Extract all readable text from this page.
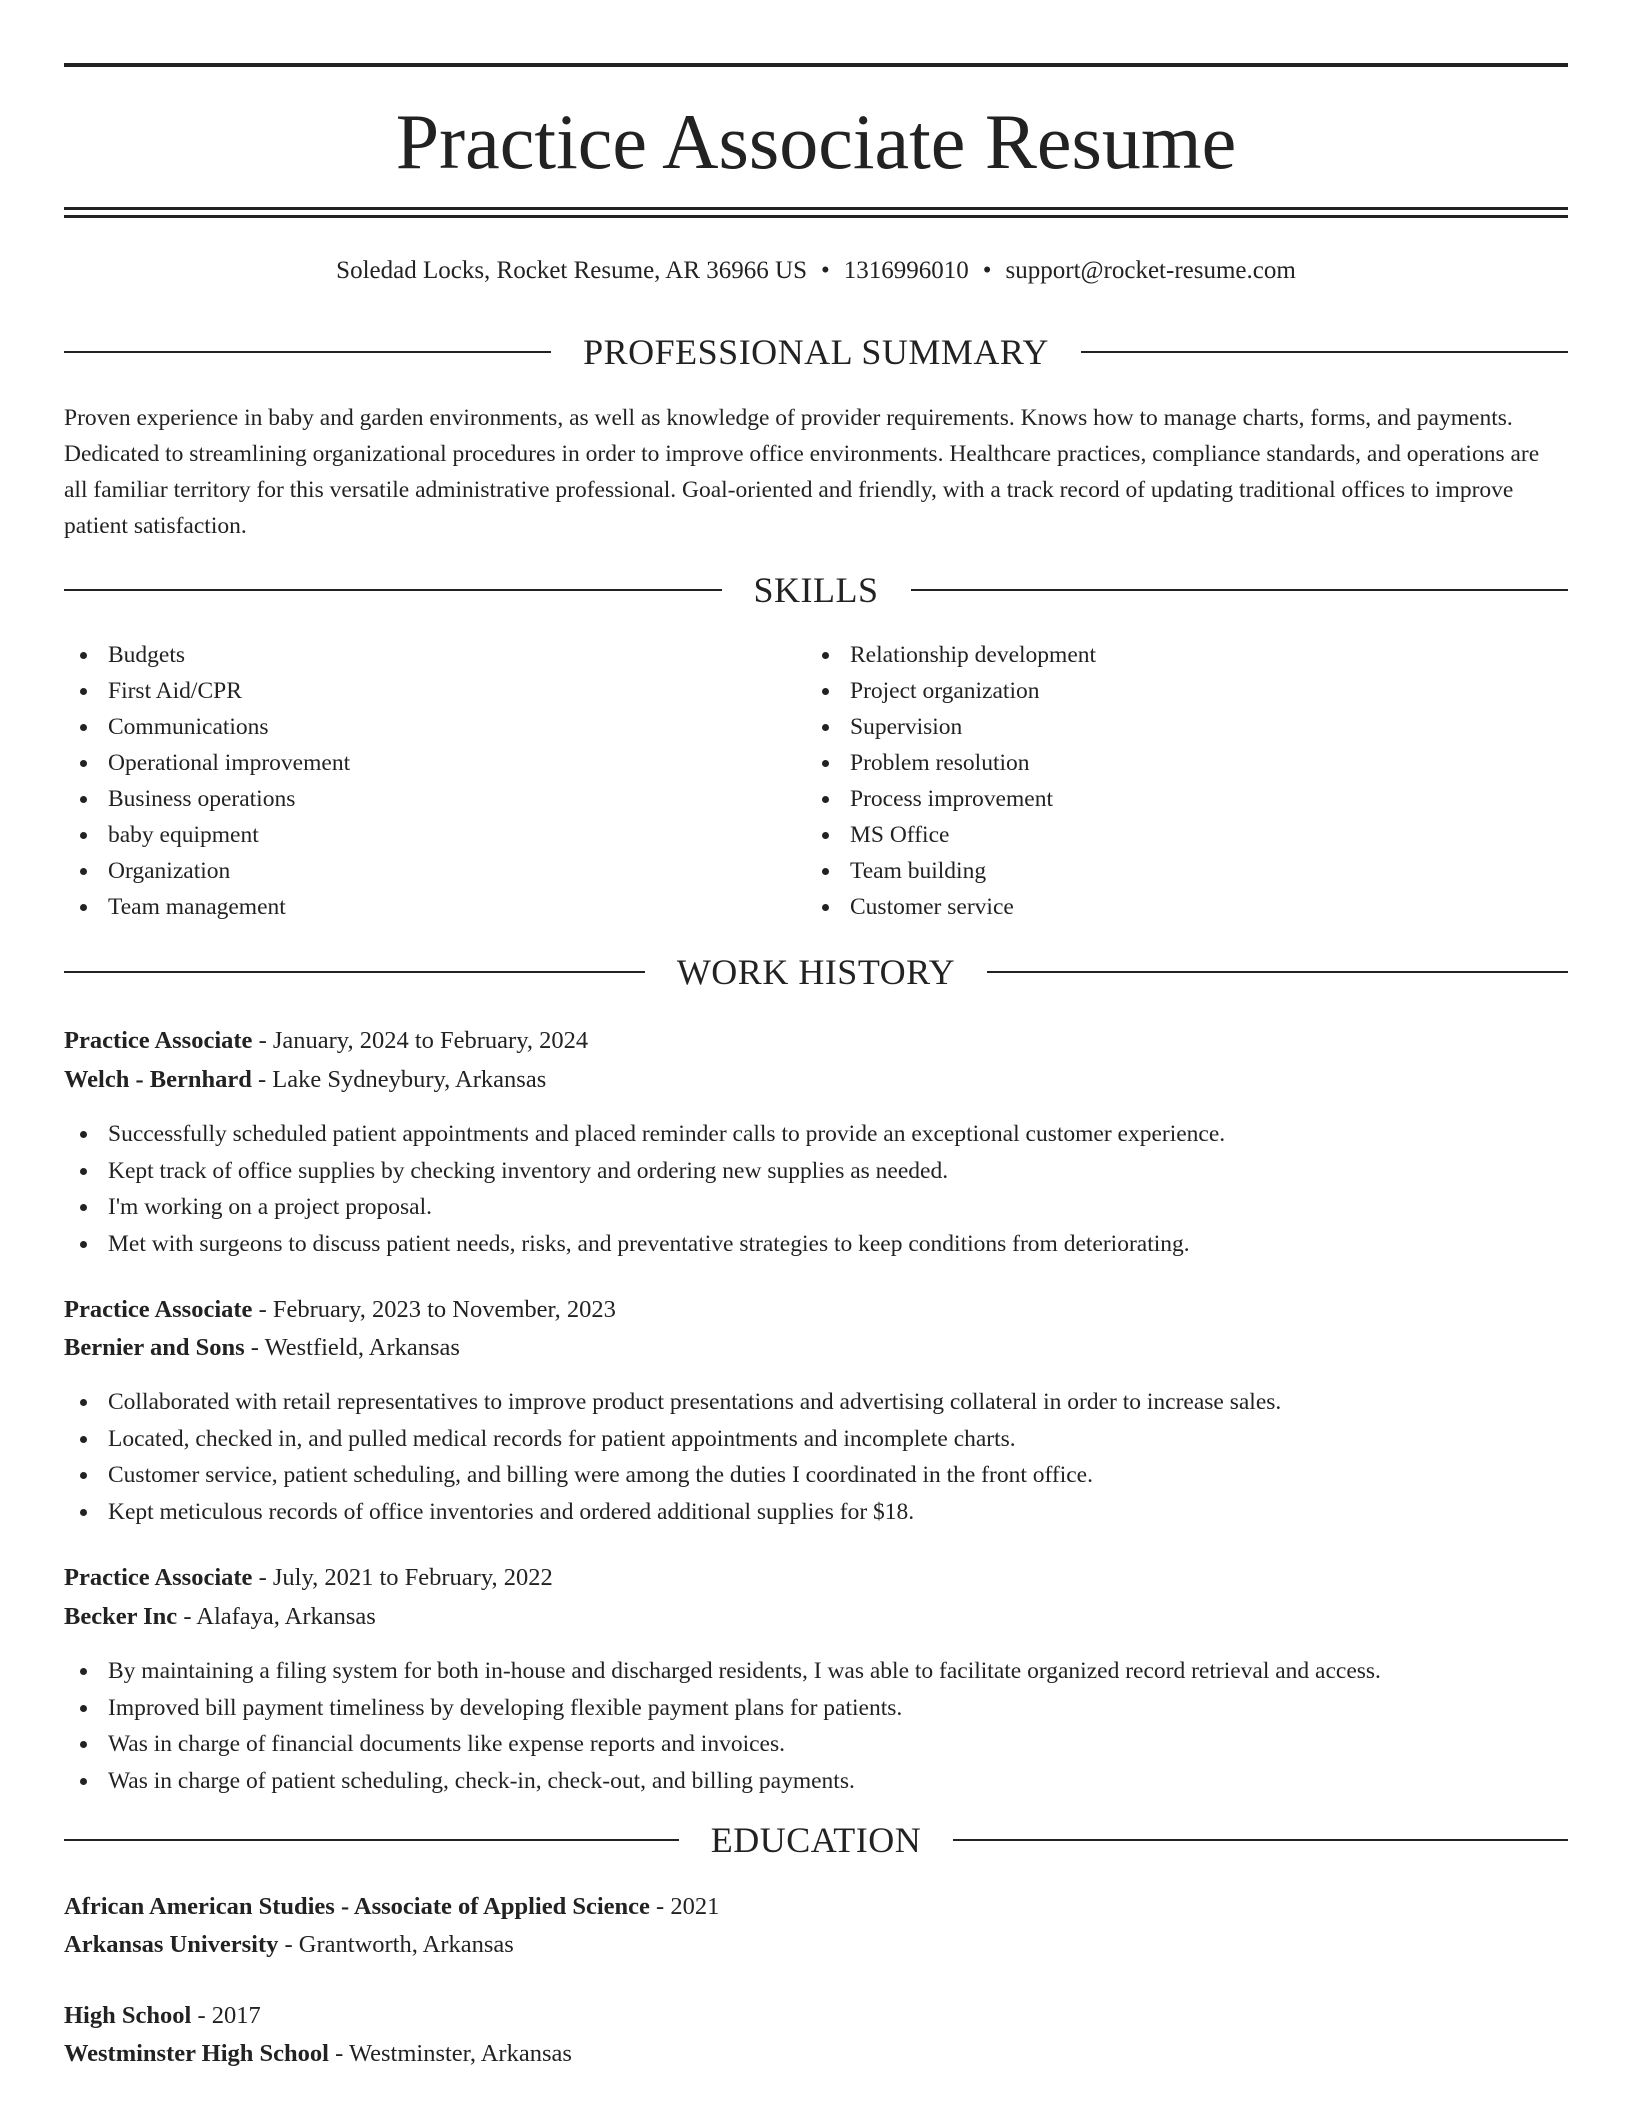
Practice Associate Resume
Soledad Locks, Rocket Resume, AR 36966 US • 1316996010 • support@rocket-resume.com
PROFESSIONAL SUMMARY

Proven experience in baby and garden environments, as well as knowledge of provider requirements. Knows how to manage charts, forms, and payments. Dedicated to streamlining organizational procedures in order to improve office environments. Healthcare practices, compliance standards, and operations are all familiar territory for this versatile administrative professional. Goal-oriented and friendly, with a track record of updating traditional offices to improve patient satisfaction.

SKILLS
Budgets
First Aid/CPR
Communications
Operational improvement
Business operations
baby equipment
Organization
Team management
Relationship development
Project organization
Supervision
Problem resolution
Process improvement
MS Office
Team building
Customer service
WORK HISTORY
Practice Associate - January, 2024 to February, 2024
Welch - Bernhard - Lake Sydneybury, Arkansas
Successfully scheduled patient appointments and placed reminder calls to provide an exceptional customer experience.
Kept track of office supplies by checking inventory and ordering new supplies as needed.
I'm working on a project proposal.
Met with surgeons to discuss patient needs, risks, and preventative strategies to keep conditions from deteriorating.
Practice Associate - February, 2023 to November, 2023
Bernier and Sons - Westfield, Arkansas
Collaborated with retail representatives to improve product presentations and advertising collateral in order to increase sales.
Located, checked in, and pulled medical records for patient appointments and incomplete charts.
Customer service, patient scheduling, and billing were among the duties I coordinated in the front office.
Kept meticulous records of office inventories and ordered additional supplies for $18.
Practice Associate - July, 2021 to February, 2022
Becker Inc - Alafaya, Arkansas
By maintaining a filing system for both in-house and discharged residents, I was able to facilitate organized record retrieval and access.
Improved bill payment timeliness by developing flexible payment plans for patients.
Was in charge of financial documents like expense reports and invoices.
Was in charge of patient scheduling, check-in, check-out, and billing payments.
EDUCATION
African American Studies - Associate of Applied Science - 2021
Arkansas University - Grantworth, Arkansas
High School - 2017
Westminster High School - Westminster, Arkansas
